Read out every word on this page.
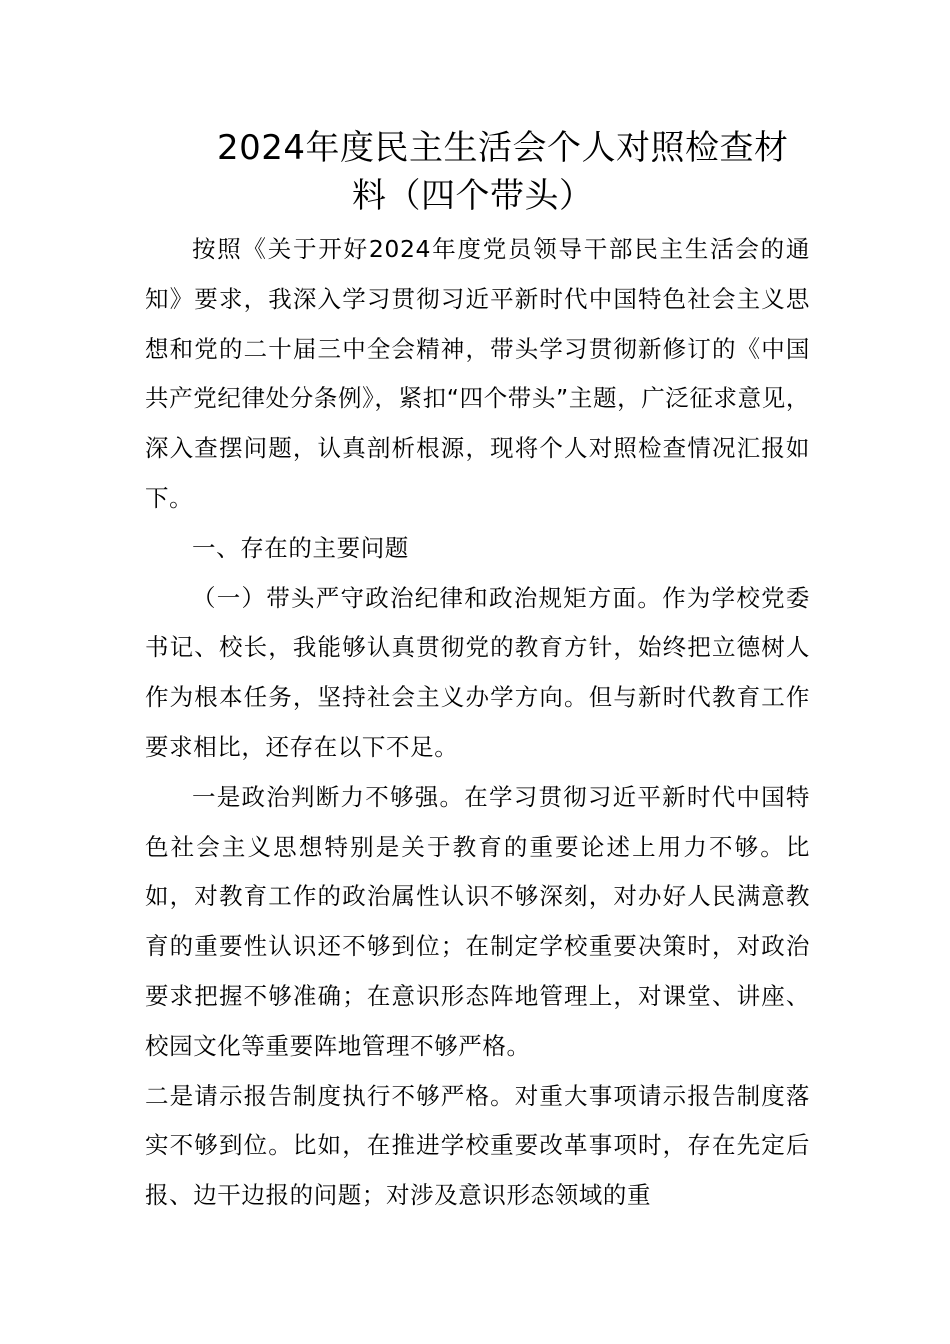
2024年度民主生活会个人对照检查材
料（四个带头）

按照《关于开好2024年度党员领导干部民主生活会的通知》要求，我深入学习贯彻习近平新时代中国特色社会主义思想和党的二十届三中全会精神，带头学习贯彻新修订的《中国共产党纪律处分条例》，紧扣“四个带头”主题，广泛征求意见，深入查摆问题，认真剖析根源，现将个人对照检查情况汇报如下。

一、存在的主要问题

（一）带头严守政治纪律和政治规矩方面。作为学校党委书记、校长，我能够认真贯彻党的教育方针，始终把立德树人作为根本任务，坚持社会主义办学方向。但与新时代教育工作要求相比，还存在以下不足。

一是政治判断力不够强。在学习贯彻习近平新时代中国特色社会主义思想特别是关于教育的重要论述上用力不够。比如，对教育工作的政治属性认识不够深刻，对办好人民满意教育的重要性认识还不够到位；在制定学校重要决策时，对政治要求把握不够准确；在意识形态阵地管理上，对课堂、讲座、校园文化等重要阵地管理不够严格。

二是请示报告制度执行不够严格。对重大事项请示报告制度落实不够到位。比如，在推进学校重要改革事项时，存在先定后报、边干边报的问题；对涉及意识形态领域的重
